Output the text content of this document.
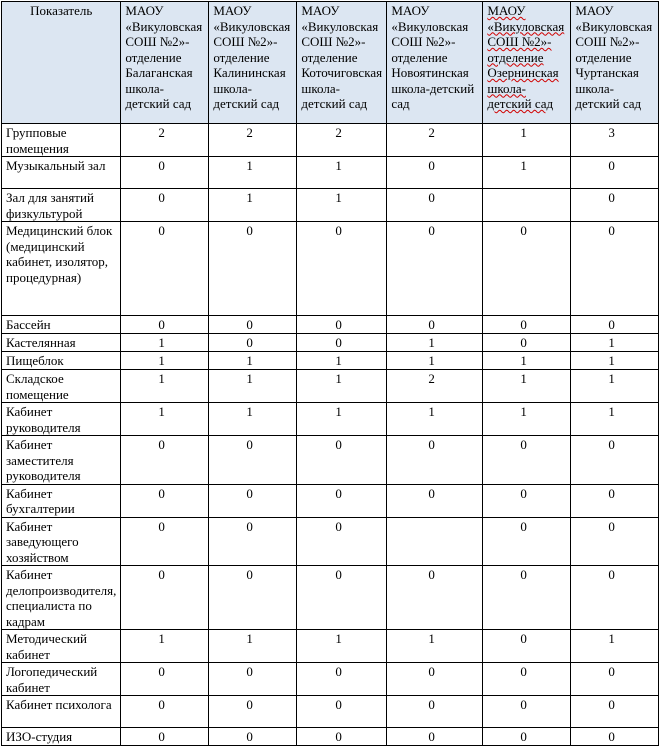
Показатель	МАОУ «Викуловская СОШ №2»- отделение Балаганская школа-детский сад	МАОУ «Викуловская СОШ №2»- отделение Калининская школа-детский сад	МАОУ «Викуловская СОШ №2»- отделение Коточиговская школа-детский сад	МАОУ «Викуловская СОШ №2»- отделение Новоятинская школа-детский сад	МАОУ «Викуловская СОШ №2»- отделение Озернинская школа-детский сад	МАОУ «Викуловская СОШ №2»- отделение Чуртанская школа-детский сад
Групповые помещения	2	2	2	2	1	3

Музыкальный зал	0	1	1	0	1	0

Зал для занятий физкультурой	0	1	1	0		0

Медицинский блок (медицинский кабинет, изолятор, процедурная)	0	0	0	0	0	0

Бассейн	0	0	0	0	0	0

Кастелянная	1	0	0	1	0	1

Пищеблок	1	1	1	1	1	1

Складское помещение	1	1	1	2	1	1

Кабинет руководителя	1	1	1	1	1	1

Кабинет заместителя руководителя	0	0	0	0	0	0

Кабинет бухгалтерии	0	0	0	0	0	0

Кабинет заведующего хозяйством	0	0	0		0	0

Кабинет делопроизводителя, специалиста по кадрам	0	0	0	0	0	0

Методический кабинет	1	1	1	1	0	1

Логопедический кабинет	0	0	0	0	0	0

Кабинет психолога	0	0	0	0	0	0

ИЗО-студия	0	0	0	0	0	0
